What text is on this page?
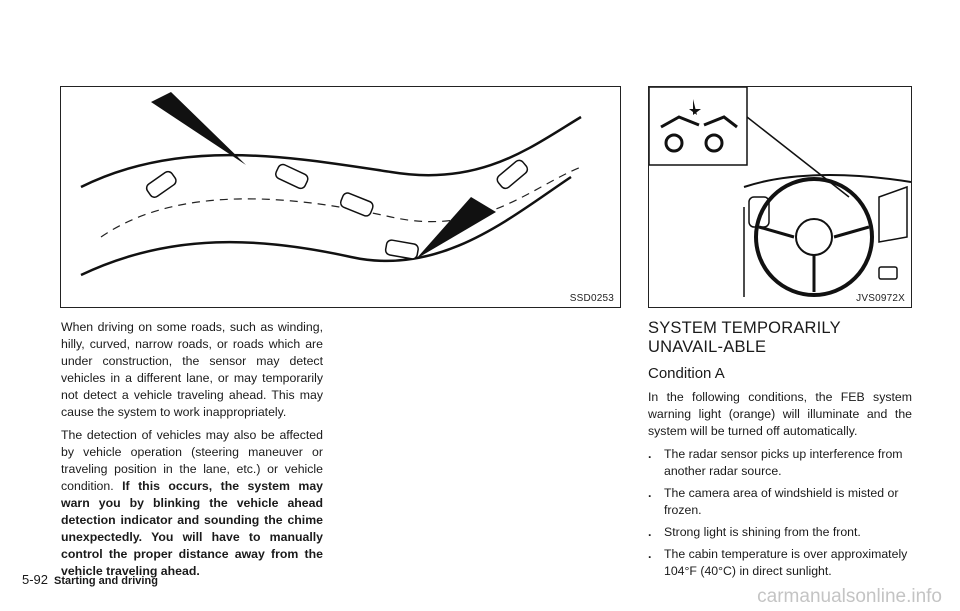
SSD0253	JVS0972X

When driving on some roads, such as winding, hilly, curved, narrow roads, or roads which are under construction, the sensor may detect vehicles in a different lane, or may temporarily not detect a vehicle traveling ahead. This may cause the system to work inappropriately.

The detection of vehicles may also be affected by vehicle operation (steering maneuver or traveling position in the lane, etc.) or vehicle condition. If this occurs, the system may warn you by blinking the vehicle ahead detection indicator and sounding the chime unexpectedly. You will have to manually control the proper distance away from the vehicle traveling ahead.

SYSTEM TEMPORARILY UNAVAIL-ABLE
Condition A

In the following conditions, the FEB system warning light (orange) will illuminate and the system will be turned off automatically.

. The radar sensor picks up interference from another radar source.
. The camera area of windshield is misted or frozen.
. Strong light is shining from the front.
. The cabin temperature is over approximately 104°F (40°C) in direct sunlight.
5-92 Starting and driving
carmanualsonline.info
